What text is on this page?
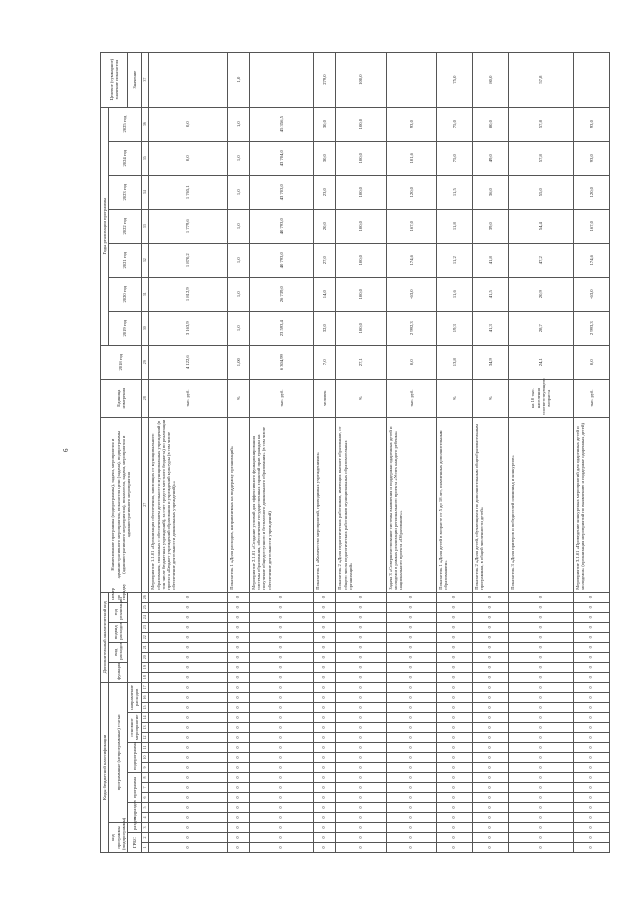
6
Коды бюджетной классификации																	Дополнительный аналитический код									Наименование программы (подпрограммы), задачи, мероприятия и административного мероприятия, показателя цели (задачи), подпрограммы (административного мероприятия), показателя, задачи, мероприятия и административного мероприятия	Единица измерения	2018 год	Годы реализации программы							Целевое (суммарное) значение показателя
код программы (подпрограммы)			программные (непрограммные) статьи														функция		вид расходов		подвид расходов		год реализации		номер по порядку				2019 год	2020 год	2021 год	2022 год	2023 год	2024 год	2025 год	
ГРБС		раздел	подраздел		программа			подпрограмма			основное мероприятие			направление расходов																						Значение
1	2	3	4	5	6	7	8	9	10	11	12	13	14	15	16	17	18	19	20	21	22	23	24	25	26	27	28	29	30	31	32	33	34	35	36	37
0	0	0	0	0	0	0	0	0	0	0	0	0	0	0	0	0	0	0	0	0	0	0	0	0	0	Мероприятие 1.1.01 «Организация обеспечения, зависящих от муниципального образования, связанных с обеспечением деятельности муниципальных учреждений (в том числе бюджетных учреждений), за счет средств местного бюджета) по реализации проекта «Бюджет учреждений образования и учреждений культуры (в том числе обеспечение деятельности дошкольных учреждений)»»	тыс. руб.	4 122,6	3 163,9	1 812,9	1 870,2	1 779,6	1 765,1	0,0	0,0	
0	0	0	0	0	0	0	0	0	0	0	0	0	0	0	0	0	0	0	0	0	0	0	0	0	0	Показатель 1 «Доля расходов, направляемых на поддержку организаций»	%	1,00	1,0	1,0	1,0	1,0	1,0	1,0	1,0	1,0
0	0	0	0	0	0	0	0	0	0	0	0	0	0	0	0	0	0	0	0	0	0	0	0	0	0	Мероприятие 2.1.01 «Создание условий для эффективного функционирования системы образования, обеспечение государственных гарантий прав граждан на получение общедоступного и бесплатного дошкольного образования» (в том числе обеспечение деятельности учреждений)	тыс. руб.	6 304,99	23 593,4	26 739,0	40 793,0	40 793,0	43 703,0	43 704,0	45 356,5	
0	0	0	0	0	0	0	0	0	0	0	0	0	0	0	0	0	0	0	0	0	0	0	0	0	0	Показатель 1 «Количество мероприятий, проводимых учреждениями»	человек	7,0	32,0	14,0	27,0	20,0	23,0	30,0	30,0	279,0
0	0	0	0	0	0	0	0	0	0	0	0	0	0	0	0	0	0	0	0	0	0	0	0	0	0	Показатель 2 «Доля педагогических работников, имеющих высшее образование, от общего числа педагогических работников муниципальных образовательных организаций»	%	27,1	100,0	100,0	100,0	100,0	100,0	100,0	100,0	100,0
0	0	0	0	0	0	0	0	0	0	0	0	0	0	0	0	0	0	0	0	0	0	0	0	0	0	Задача 3 «Совершенствование системы выявления и поддержки одаренных детей и молодежи в рамках реализации регионального проекта «Успех каждого ребенка» национального проекта «Образование»»	тыс. руб.	0,0	2 992,3	-63,0	174,6	167,0	120,0	101,6	93,0	
0	0	0	0	0	0	0	0	0	0	0	0	0	0	0	0	0	0	0	0	0	0	0	0	0	0	Показатель 1 «Доля детей в возрасте от 5 до 18 лет, охваченных дополнительным образованием»	%	13,8	19,3	11,6	11,2	11,8	11,5	75,0	75,0	75,0
0	0	0	0	0	0	0	0	0	0	0	0	0	0	0	0	0	0	0	0	0	0	0	0	0	0	Показатель 2 «Доля детей, обучающихся по дополнительным общеобразовательным программам, в общей численности детей»	%	34,9	41,3	41,5	41,8	39,0	36,0	49,0	80,0	80,0
0	0	0	0	0	0	0	0	0	0	0	0	0	0	0	0	0	0	0	0	0	0	0	0	0	0	Показатель 3 «Доля призеров и победителей олимпиад и конкурсов»	на 10 тыс. населения соответствующего возраста	24,1	28,7	20,9	47,2	54,4	55,0	57,8	57,8	57,8
0	0	0	0	0	0	0	0	0	0	0	0	0	0	0	0	0	0	0	0	0	0	0	0	0	0	Мероприятие 3.1.01 «Проведение конкурсных мероприятий для одаренных детей и молодежи» (организация мероприятий по выявлению и поддержке одаренных детей)	тыс. руб.	0,0	2 993,3	-63,0	174,6	167,0	120,0	93,0	93,0	
